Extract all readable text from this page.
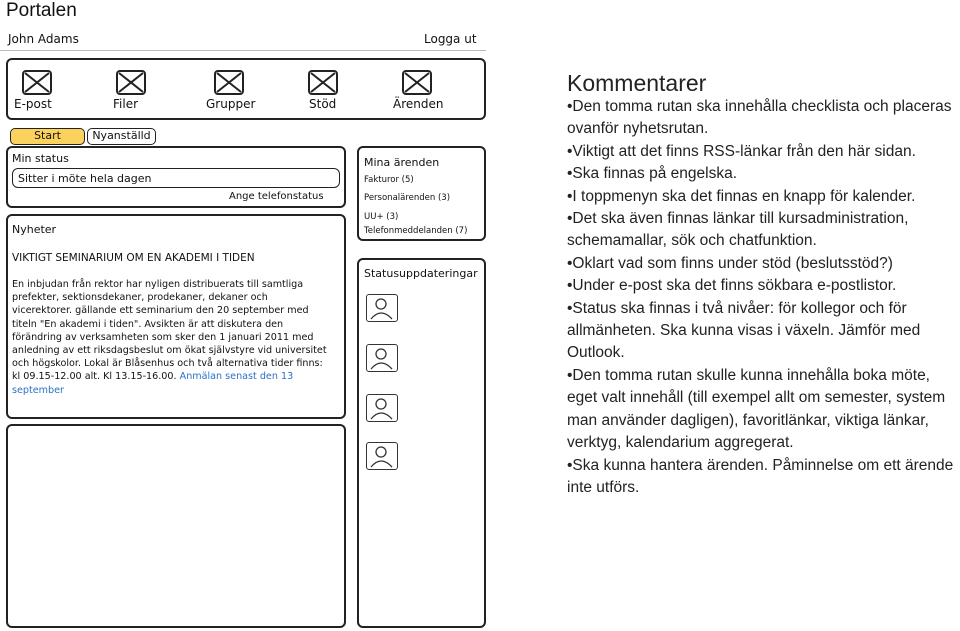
Portalen
John Adams	Logga ut
E-post	Filer	Grupper	Stöd	Ärenden
Start	Nyanställd
Min status
Sitter i möte hela dagen
Ange telefonstatus
Nyheter
VIKTIGT SEMINARIUM OM EN AKADEMI I TIDEN
En inbjudan från rektor har nyligen distribuerats till samtliga
prefekter, sektionsdekaner, prodekaner, dekaner och
vicerektorer. gällande ett seminarium den 20 september med
titeln "En akademi i tiden". Avsikten är att diskutera den
förändring av verksamheten som sker den 1 januari 2011 med
anledning av ett riksdagsbeslut om ökat självstyre vid universitet
och högskolor. Lokal är Blåsenhus och två alternativa tider finns:
kl 09.15-12.00 alt. Kl 13.15-16.00. Anmälan senast den 13
september
Mina ärenden
Fakturor (5)
Personalärenden (3)
UU+ (3)
Telefonmeddelanden (7)
Statusuppdateringar
Kommentarer
•Den tomma rutan ska innehålla checklista och placeras ovanför nyhetsrutan.
•Viktigt att det finns RSS-länkar från den här sidan.
•Ska finnas på engelska.
•I toppmenyn ska det finnas en knapp för kalender.
•Det ska även finnas länkar till kursadministration, schemamallar, sök och chatfunktion.
•Oklart vad som finns under stöd (beslutsstöd?)
•Under e-post ska det finns sökbara e-postlistor.
•Status ska finnas i två nivåer: för kollegor och för allmänheten. Ska kunna visas i växeln. Jämför med Outlook.
•Den tomma rutan skulle kunna innehålla boka möte, eget valt innehåll (till exempel allt om semester, system man använder dagligen), favoritlänkar, viktiga länkar, verktyg, kalendarium aggregerat.
•Ska kunna hantera ärenden. Påminnelse om ett ärende inte utförs.
